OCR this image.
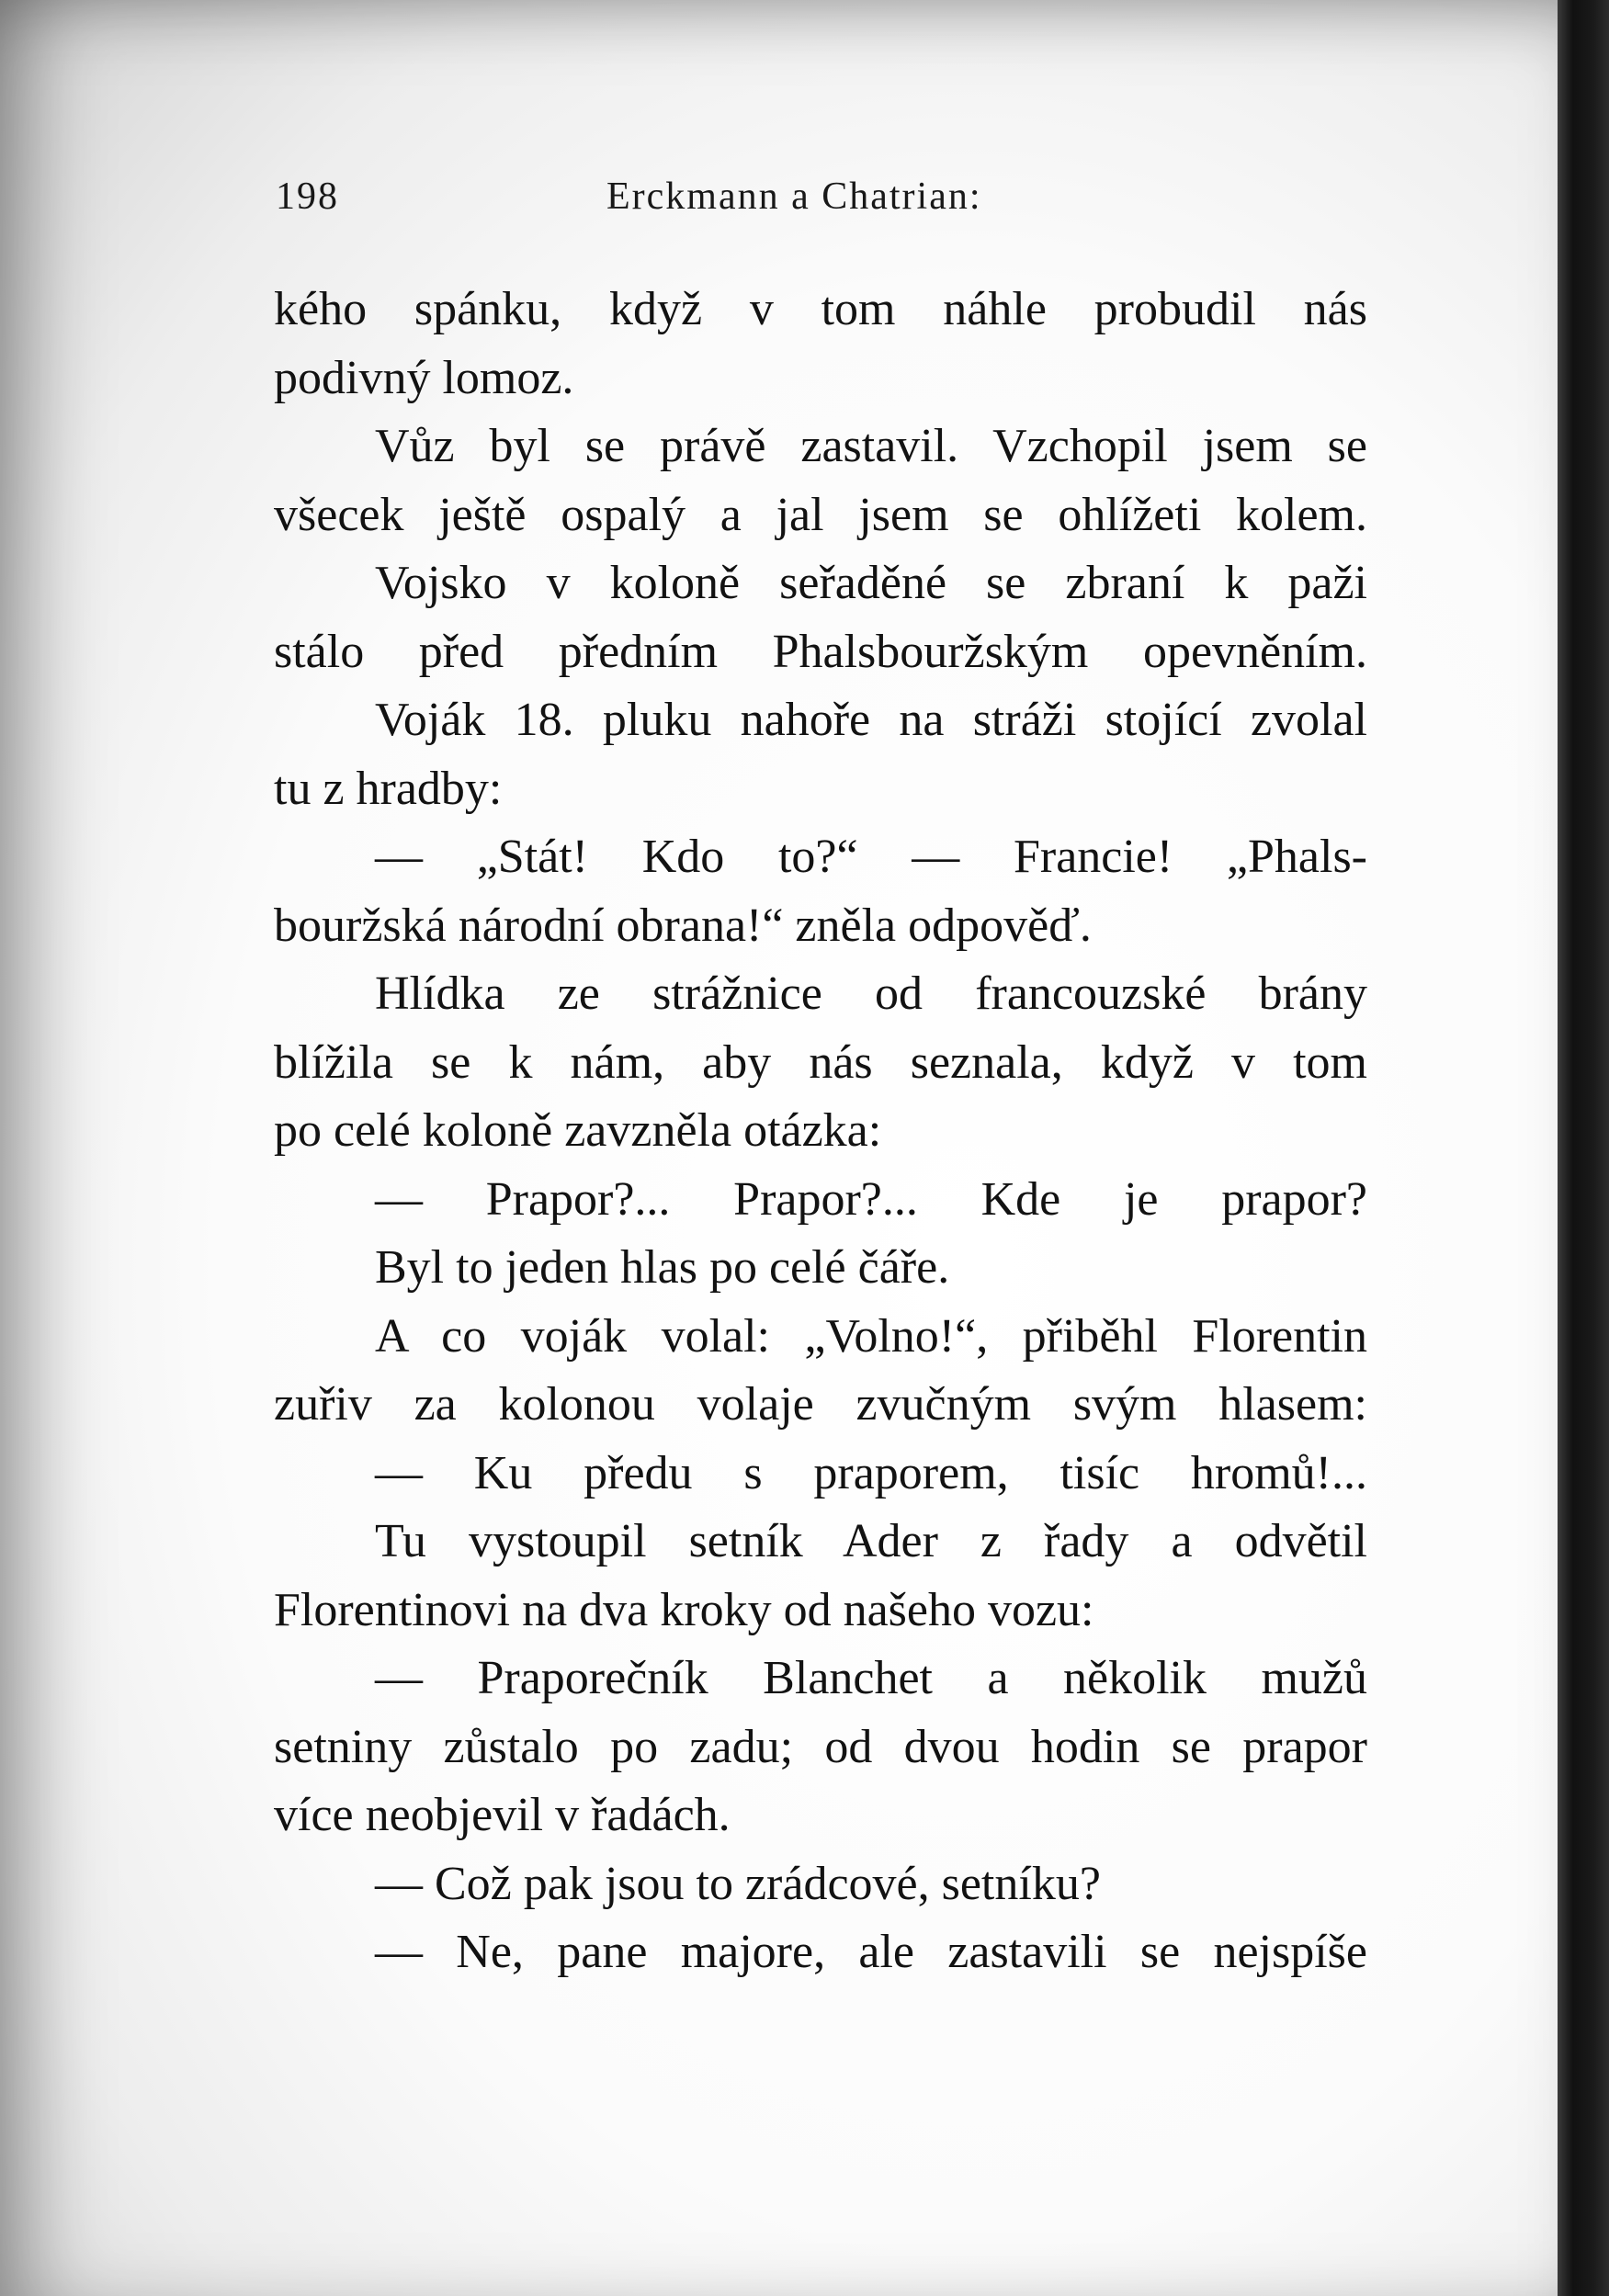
198	Erckmann a Chatrian:
kého spánku, když v tom náhle probudil nás
podivný lomoz.
Vůz byl se právě zastavil. Vzchopil jsem se
všecek ještě ospalý a jal jsem se ohlížeti kolem.
Vojsko v koloně seřaděné se zbraní k paži
stálo před předním Phalsbouržským opevněním.
Voják 18. pluku nahoře na stráži stojící zvolal
tu z hradby:
— „Stát! Kdo to?“ — Francie! „Phals-
bouržská národní obrana!“ zněla odpověď.
Hlídka ze strážnice od francouzské brány
blížila se k nám, aby nás seznala, když v tom
po celé koloně zavzněla otázka:
— Prapor?... Prapor?... Kde je prapor?
Byl to jeden hlas po celé čáře.
A co voják volal: „Volno!“, přiběhl Florentin
zuřiv za kolonou volaje zvučným svým hlasem:
— Ku předu s praporem, tisíc hromů!...
Tu vystoupil setník Ader z řady a odvětil
Florentinovi na dva kroky od našeho vozu:
— Praporečník Blanchet a několik mužů
setniny zůstalo po zadu; od dvou hodin se prapor
více neobjevil v řadách.
— Což pak jsou to zrádcové, setníku?
— Ne, pane majore, ale zastavili se nejspíše
